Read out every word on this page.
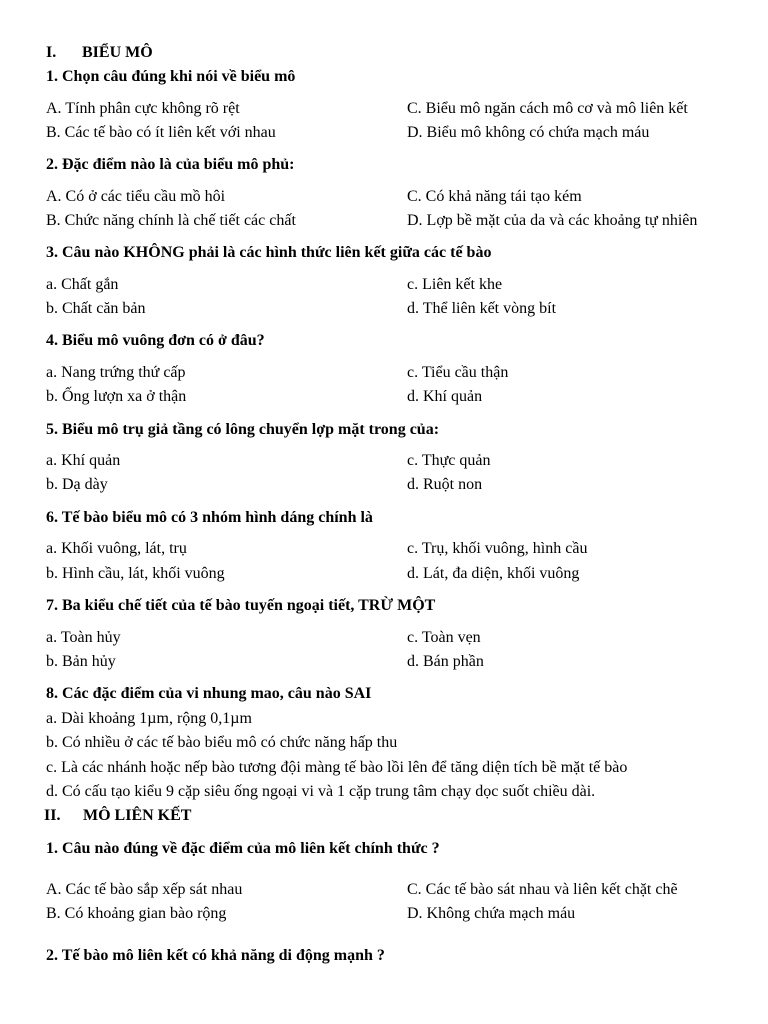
I. BIỂU MÔ
1. Chọn câu đúng khi nói về biểu mô
A. Tính phân cực không rõ rệt	C. Biểu mô ngăn cách mô cơ và mô liên kết
B. Các tế bào có ít liên kết với nhau	D. Biểu mô không có chứa mạch máu
2. Đặc điểm nào là của biểu mô phủ:
A. Có ở các tiểu cầu mồ hôi	C. Có khả năng tái tạo kém
B. Chức năng chính là chế tiết các chất	D. Lợp bề mặt của da và các khoảng tự nhiên
3. Câu nào KHÔNG phải là các hình thức liên kết giữa các tế bào
a. Chất gắn	c. Liên kết khe
b. Chất căn bản	d. Thể liên kết vòng bít
4. Biểu mô vuông đơn có ở đâu?
a. Nang trứng thứ cấp	c. Tiểu cầu thận
b. Ống lượn xa ở thận	d. Khí quản
5. Biểu mô trụ giả tầng có lông chuyển lợp mặt trong của:
a. Khí quản	c. Thực quản
b. Dạ dày	d. Ruột non
6. Tế bào biểu mô có 3 nhóm hình dáng chính là
a. Khối vuông, lát, trụ	c. Trụ, khối vuông, hình cầu
b. Hình cầu, lát, khối vuông	d. Lát, đa diện, khối vuông
7. Ba kiểu chế tiết của tế bào tuyến ngoại tiết, TRỪ MỘT
a. Toàn hủy	c. Toàn vẹn
b. Bản hủy	d. Bán phần
8. Các đặc điểm của vi nhung mao, câu nào SAI
a. Dài khoảng 1µm, rộng 0,1µm
b. Có nhiều ở các tế bào biểu mô có chức năng hấp thu
c. Là các nhánh hoặc nếp bào tương đội màng tế bào lồi lên để tăng diện tích bề mặt tế bào
d. Có cấu tạo kiểu 9 cặp siêu ống ngoại vi và 1 cặp trung tâm chạy dọc suốt chiều dài.
II. MÔ LIÊN KẾT
1. Câu nào đúng về đặc điểm của mô liên kết chính thức ?
A. Các tế bào sắp xếp sát nhau	C. Các tế bào sát nhau và liên kết chặt chẽ
B. Có khoảng gian bào rộng	D. Không chứa mạch máu
2. Tế bào mô liên kết có khả năng di động mạnh ?
